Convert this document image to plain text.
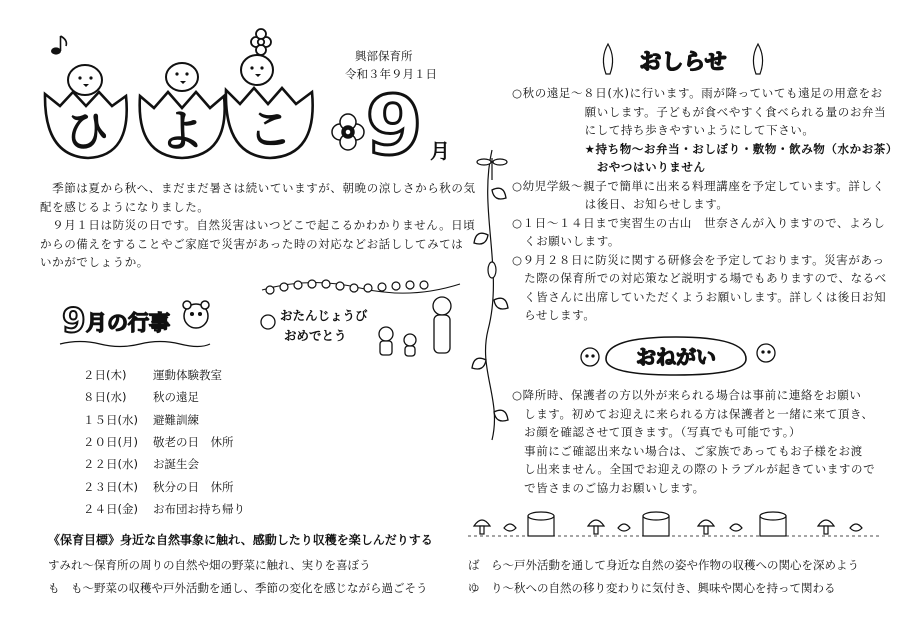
ひ よ こ
興部保育所
令和３年９月１日
9 月

　季節は夏から秋へ、まだまだ暑さは続いていますが、朝晩の涼しさから秋の気

配を感じるようになりました。

　９月１日は防災の日です。自然災害はいつどこで起こるかわかりません。日頃

からの備えをすることやご家庭で災害があった時の対応などお話ししてみては

いかがでしょうか。

9 月の行事	おたんじょうび
おめでとう
２日(木)	運動体験教室
８日(水)	秋の遠足
１５日(水)	避難訓練
２０日(月)	敬老の日　休所
２２日(水)	お誕生会
２３日(木)	秋分の日　休所
２４日(金)	お布団お持ち帰り
《保育目標》身近な自然事象に触れ、感動したり収穫を楽しんだりする
すみれ～保育所の周りの自然や畑の野菜に触れ、実りを喜ぼう
も　も～野菜の収穫や戸外活動を通し、季節の変化を感じながら過ごそう
ば　ら～戸外活動を通して身近な自然の姿や作物の収穫への関心を深めよう
ゆ　り～秋への自然の移り変わりに気付き、興味や関心を持って関わる
おしらせ
○秋の遠足～８日(水)に行います。雨が降っていても遠足の用意をお
　　　　　　願いします。子どもが食べやすく食べられる量のお弁当
　　　　　　にして持ち歩きやすいようにして下さい。
　　　　　　★持ち物～お弁当・おしぼり・敷物・飲み物（水かお茶）
　　　　　　　おやつはいりません
○幼児学級～親子で簡単に出来る料理講座を予定しています。詳しく
　　　　　　は後日、お知らせします。
○１日～１４日まで実習生の古山　世奈さんが入りますので、よろし
　くお願いします。
○９月２８日に防災に関する研修会を予定しております。災害があっ
　た際の保育所での対応策など説明する場でもありますので、なるべ
　く皆さんに出席していただくようお願いします。詳しくは後日お知
　らせします。
おねがい
○降所時、保護者の方以外が来られる場合は事前に連絡をお願い
　します。初めてお迎えに来られる方は保護者と一緒に来て頂き、
　お顔を確認させて頂きます。（写真でも可能です。）
　事前にご確認出来ない場合は、ご家族であってもお子様をお渡
　し出来ません。全国でお迎えの際のトラブルが起きていますので
　で皆さまのご協力お願いします。
